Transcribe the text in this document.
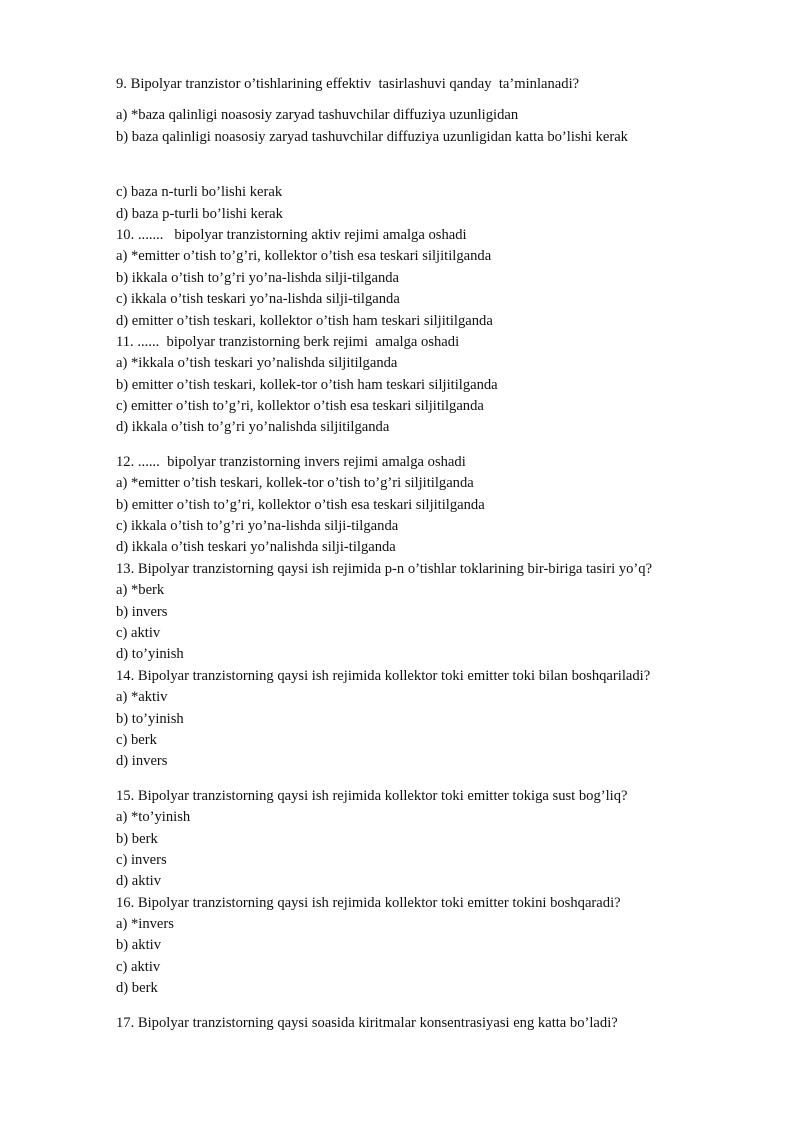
9. Bipolyar tranzistor o’tishlarining effektiv  tasirlashuvi qanday  ta’minlanadi?
a) *baza qalinligi noasosiy zaryad tashuvchilar diffuziya uzunligidan
b) baza qalinligi noasosiy zaryad tashuvchilar diffuziya uzunligidan katta bo’lishi kerak
c) baza n-turli bo’lishi kerak
d) baza p-turli bo’lishi kerak
10. .......   bipolyar tranzistorning aktiv rejimi amalga oshadi
a) *emitter o’tish to’g’ri, kollektor o’tish esa teskari siljitilganda
b) ikkala o’tish to’g’ri yo’na-lishda silji-tilganda
c) ikkala o’tish teskari yo’na-lishda silji-tilganda
d) emitter o’tish teskari, kollektor o’tish ham teskari siljitilganda
11. ......  bipolyar tranzistorning berk rejimi  amalga oshadi
a) *ikkala o’tish teskari yo’nalishda siljitilganda
b) emitter o’tish teskari, kollek-tor o’tish ham teskari siljitilganda
c) emitter o’tish to’g’ri, kollektor o’tish esa teskari siljitilganda
d) ikkala o’tish to’g’ri yo’nalishda siljitilganda
12. ......  bipolyar tranzistorning invers rejimi amalga oshadi
a) *emitter o’tish teskari, kollek-tor o’tish to’g’ri siljitilganda
b) emitter o’tish to’g’ri, kollektor o’tish esa teskari siljitilganda
c) ikkala o’tish to’g’ri yo’na-lishda silji-tilganda
d) ikkala o’tish teskari yo’nalishda silji-tilganda
13. Bipolyar tranzistorning qaysi ish rejimida p-n o’tishlar toklarining bir-biriga tasiri yo’q?
a) *berk
b) invers
c) aktiv
d) to’yinish
14. Bipolyar tranzistorning qaysi ish rejimida kollektor toki emitter toki bilan boshqariladi?
a) *aktiv
b) to’yinish
c) berk
d) invers
15. Bipolyar tranzistorning qaysi ish rejimida kollektor toki emitter tokiga sust bog’liq?
a) *to’yinish
b) berk
c) invers
d) aktiv
16. Bipolyar tranzistorning qaysi ish rejimida kollektor toki emitter tokini boshqaradi?
a) *invers
b) aktiv
c) aktiv
d) berk
17. Bipolyar tranzistorning qaysi soasida kiritmalar konsentrasiyasi eng katta bo’ladi?
